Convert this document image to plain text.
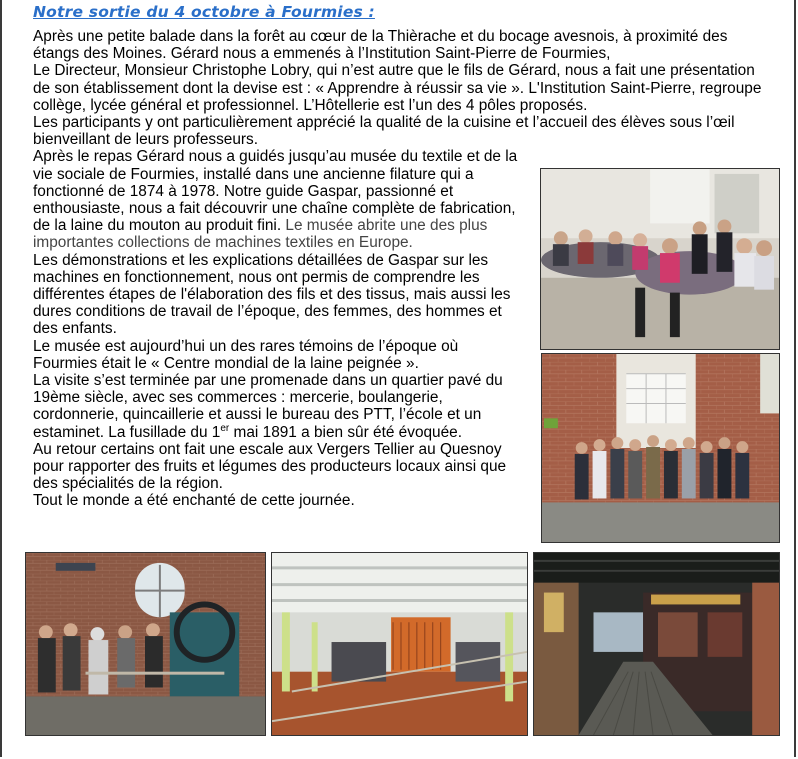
Notre sortie du 4 octobre à Fourmies :

Après une petite balade dans la forêt au cœur de la Thièrache et du bocage avesnois, à proximité des étangs des Moines. Gérard nous a emmenés à l’Institution Saint-Pierre de Fourmies,

Le Directeur, Monsieur Christophe Lobry, qui n’est autre que le fils de Gérard, nous a fait une présentation de son établissement dont la devise est : « Apprendre à réussir sa vie ». L'Institution Saint-Pierre, regroupe collège, lycée général et professionnel. L’Hôtellerie est l’un des 4 pôles proposés.

Les participants y ont particulièrement apprécié la qualité de la cuisine et l’accueil des élèves sous l’œil bienveillant de leurs professeurs.

Après le repas Gérard nous a guidés jusqu’au musée du textile et de la vie sociale de Fourmies, installé dans une ancienne filature qui a fonctionné de 1874 à 1978. Notre guide Gaspar, passionné et enthousiaste, nous a fait découvrir une chaîne complète de fabrication, de la laine du mouton au produit fini. Le musée abrite une des plus importantes collections de machines textiles en Europe.

Les démonstrations et les explications détaillées de Gaspar sur les machines en fonctionnement, nous ont permis de comprendre les différentes étapes de l'élaboration des fils et des tissus, mais aussi les dures conditions de travail de l’époque, des femmes, des hommes et des enfants.

Le musée est aujourd’hui un des rares témoins de l’époque où Fourmies était le « Centre mondial de la laine peignée ».

La visite s’est terminée par une promenade dans un quartier pavé du 19ème siècle, avec ses commerces : mercerie, boulangerie, cordonnerie, quincaillerie et aussi le bureau des PTT, l’école et un estaminet. La fusillade du 1er mai 1891 a bien sûr été évoquée.

Au retour certains ont fait une escale aux Vergers Tellier au Quesnoy pour rapporter des fruits et légumes des producteurs locaux ainsi que des spécialités de la région.

Tout le monde a été enchanté de cette journée.
